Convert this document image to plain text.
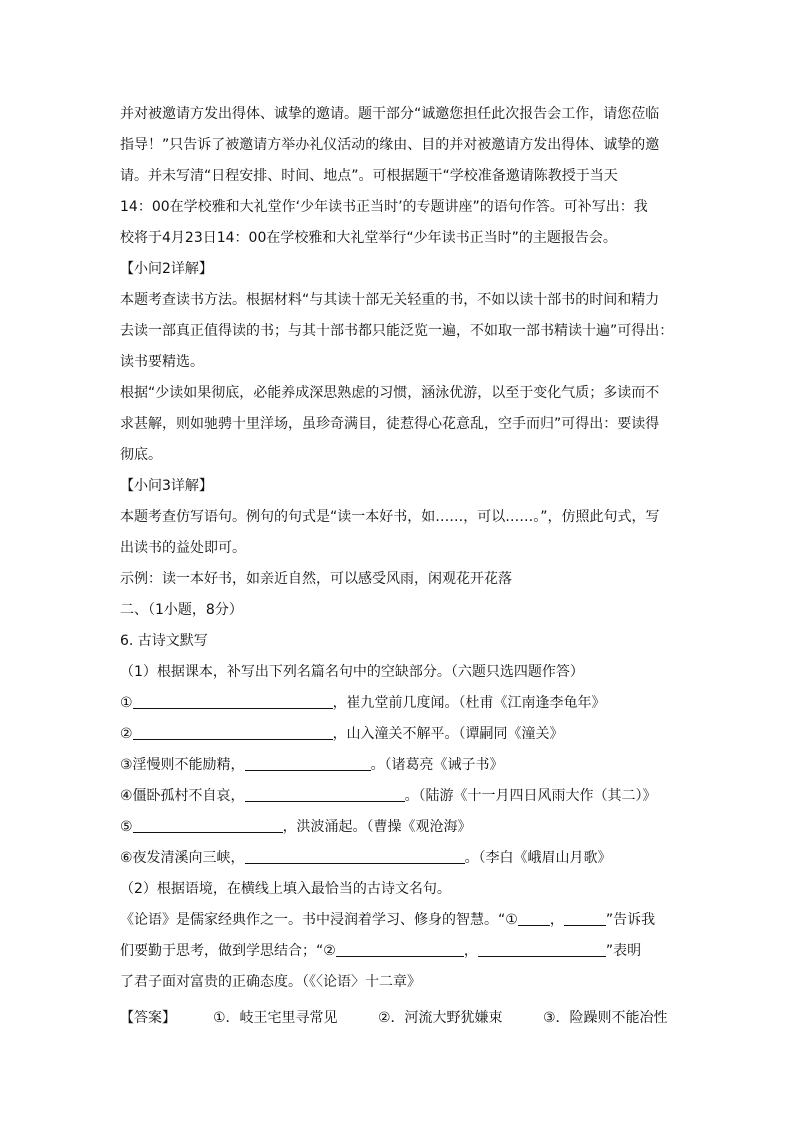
并对被邀请方发出得体、诚挚的邀请。题干部分“诚邀您担任此次报告会工作，请您莅临
指导！”只告诉了被邀请方举办礼仪活动的缘由、目的并对被邀请方发出得体、诚挚的邀
请。并未写清“日程安排、时间、地点”。可根据题干“学校准备邀请陈教授于当天
14：00在学校雅和大礼堂作‘少年读书正当时’的专题讲座”的语句作答。可补写出：我
校将于4月23日14：00在学校雅和大礼堂举行“少年读书正当时”的主题报告会。
【小问2详解】
本题考查读书方法。根据材料“与其读十部无关轻重的书，不如以读十部书的时间和精力
去读一部真正值得读的书；与其十部书都只能泛览一遍，不如取一部书精读十遍”可得出：
读书要精选。
根据“少读如果彻底，必能养成深思熟虑的习惯，涵泳优游，以至于变化气质；多读而不
求甚解，则如驰骋十里洋场，虽珍奇满目，徒惹得心花意乱，空手而归”可得出：要读得
彻底。
【小问3详解】
本题考查仿写语句。例句的句式是“读一本好书，如……，可以……。”，仿照此句式，写
出读书的益处即可。
示例：读一本好书，如亲近自然，可以感受风雨，闲观花开花落
二、（1小题，8分）
6. 古诗文默写
（1）根据课本，补写出下列名篇名句中的空缺部分。（六题只选四题作答）
①	，崔九堂前几度闻。（杜甫《江南逢李龟年》
②	，山入潼关不解平。（谭嗣同《潼关》
③淫慢则不能励精，	。（诸葛亮《诫子书》
④僵卧孤村不自哀，	。（陆游《十一月四日风雨大作（其二）》
⑤	，洪波涌起。（曹操《观沧海》
⑥夜发清溪向三峡，	。（李白《峨眉山月歌》
（2）根据语境，在横线上填入最恰当的古诗文名句。
《论语》是儒家经典作之一。书中浸润着学习、修身的智慧。“① ，	”告诉我
们要勤于思考，做到学思结合；“②	，	”表明
了君子面对富贵的正确态度。（《〈论语〉十二章》
【答案】	①．岐王宅里寻常见	②．河流大野犹嫌束	③．险躁则不能冶性
